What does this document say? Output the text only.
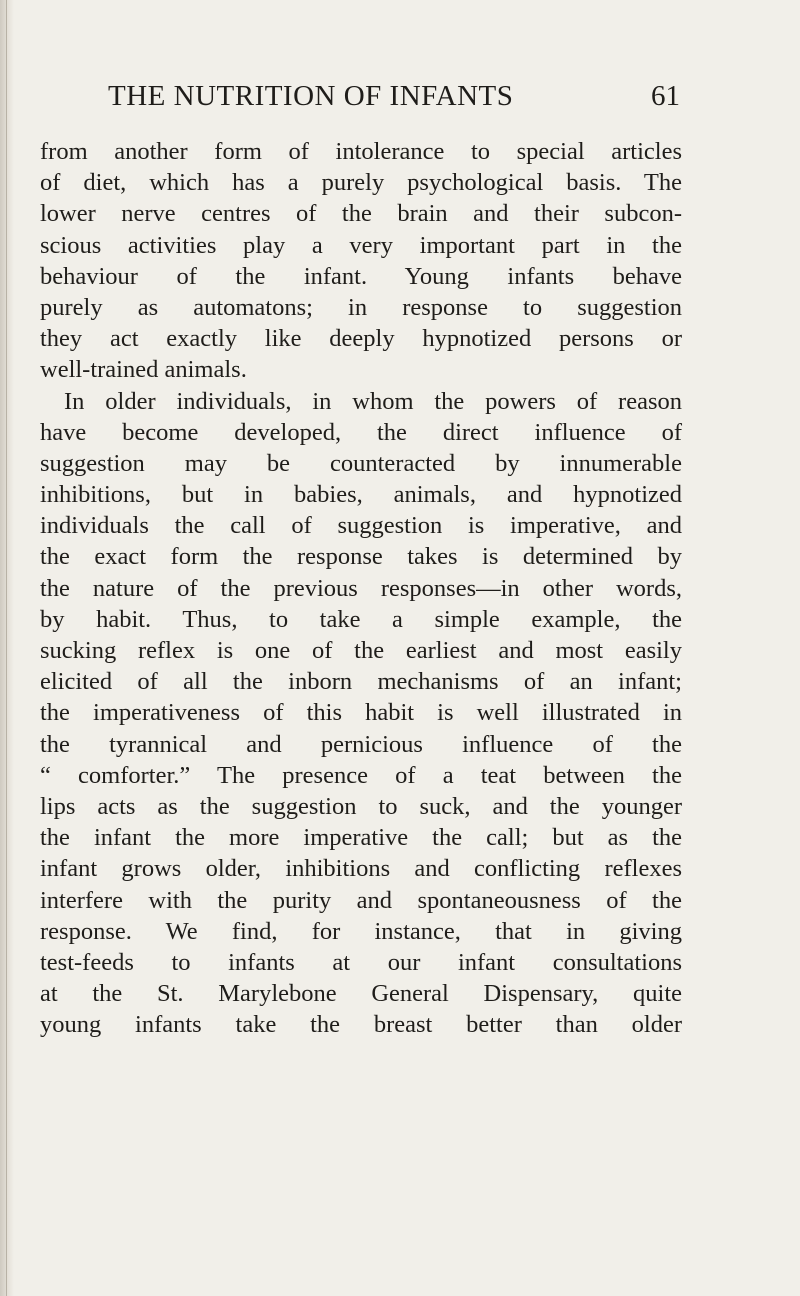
THE NUTRITION OF INFANTS	61
from another form of intolerance to special articles
of diet, which has a purely psychological basis. The
lower nerve centres of the brain and their subcon-
scious activities play a very important part in the
behaviour of the infant. Young infants behave
purely as automatons; in response to suggestion
they act exactly like deeply hypnotized persons or
well-trained animals.
In older individuals, in whom the powers of reason
have become developed, the direct influence of
suggestion may be counteracted by innumerable
inhibitions, but in babies, animals, and hypnotized
individuals the call of suggestion is imperative, and
the exact form the response takes is determined by
the nature of the previous responses—in other words,
by habit. Thus, to take a simple example, the
sucking reflex is one of the earliest and most easily
elicited of all the inborn mechanisms of an infant;
the imperativeness of this habit is well illustrated in
the tyrannical and pernicious influence of the
“ comforter.” The presence of a teat between the
lips acts as the suggestion to suck, and the younger
the infant the more imperative the call; but as the
infant grows older, inhibitions and conflicting reflexes
interfere with the purity and spontaneousness of the
response. We find, for instance, that in giving
test-feeds to infants at our infant consultations
at the St. Marylebone General Dispensary, quite
young infants take the breast better than older
